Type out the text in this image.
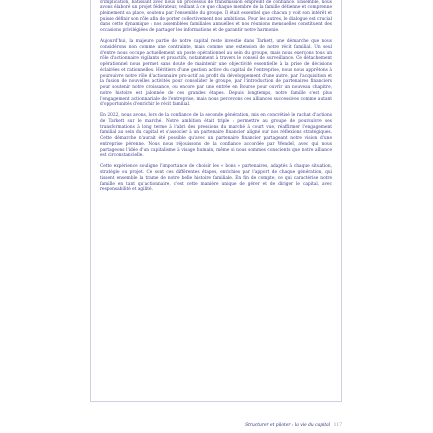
d'implication, bâtissant avec nous un processus de transmission empreint de confiance. Ensemble, nous avons élaboré un projet fédérateur, veillant à ce que chaque membre de la famille détienne et comprenne pleinement sa place, soutenu par l'ensemble du groupe. Il était essentiel que chacun y voit son intérêt et puisse définir son rôle afin de porter collectivement nos ambitions. Pour les autres, le dialogue est crucial dans cette dynamique : nos assemblées familiales annuelles et nos réunions mensuelles constituent des occasions privilégiées de partager les informations et de garantir notre harmonie.

Aujourd'hui, la majeure partie de notre capital reste investie dans Tarkett, une démarche que nous considérons non comme une contrainte, mais comme une extension de notre récit familial. Un seul d'entre nous occupe actuellement un poste opérationnel au sein du groupe, mais nous exerçons tous un rôle d'actionnaire vigilants et proactifs, notamment à travers le conseil de surveillance. Ce détachement opérationnel nous permet sans doute de maintenir une objectivité essentielle à la prise de décisions éclairées et rationnelles. Héritiers d'une gestion active du capital de l'entreprise, nous nous apprêtons à poursuivre notre rôle d'actionnaire pro-actif au profit du développement d'une autre, par l'acquisition et la fusion de nouvelles activités pour consolider le groupe, par l'introduction de partenaires financiers pour soutenir notre croissance, ou encore par une entrée en Bourse pour ouvrir un nouveau chapitre, notre histoire est jalonnée de ces grandes étapes. Depuis longtemps, notre famille s'est plus l'engagement actionnariale de l'entreprise, mais nous percevons ces alliances successives comme autant d'opportunités d'enrichir le récit familial.

En 2022, nous avons, lors de la confiance de la seconde génération, mis en concrétisé le rachat d'actions de Tarkett sur le marché. Notre ambition était triple : permettre au groupe de poursuivre ses transformations à long terme à l'abri des pressions du marché à court vue, réaffirmer l'engagement familial au sein du capital et s'associer à un partenaire financier aligné sur nos réflexions stratégiques. Cette démarche n'aurait été possible qu'avec un partenaire financier partageant notre vision d'une entreprise pérenne. Nous nous réjouissons de la confiance accordée par Wendel, avec qui nous partageons l'idée d'un capitalisme à visage humain, même si nous sommes conscients que notre alliance est circonstancielle.

Cette expérience souligne l'importance de choisir les « bons » partenaires, adaptés à chaque situation, stratégie ou projet. Ce sont ces différentes étapes, enrichies par l'apport de chaque génération, qui tissent ensemble la trame de notre belle histoire familiale. En fin de compte, ce qui caractérise notre famille en tant qu'actionnaire, c'est cette manière unique de gérer et de diriger le capital, avec responsabilité et agilité.

Structurer et piloter : la vie du capital 117
